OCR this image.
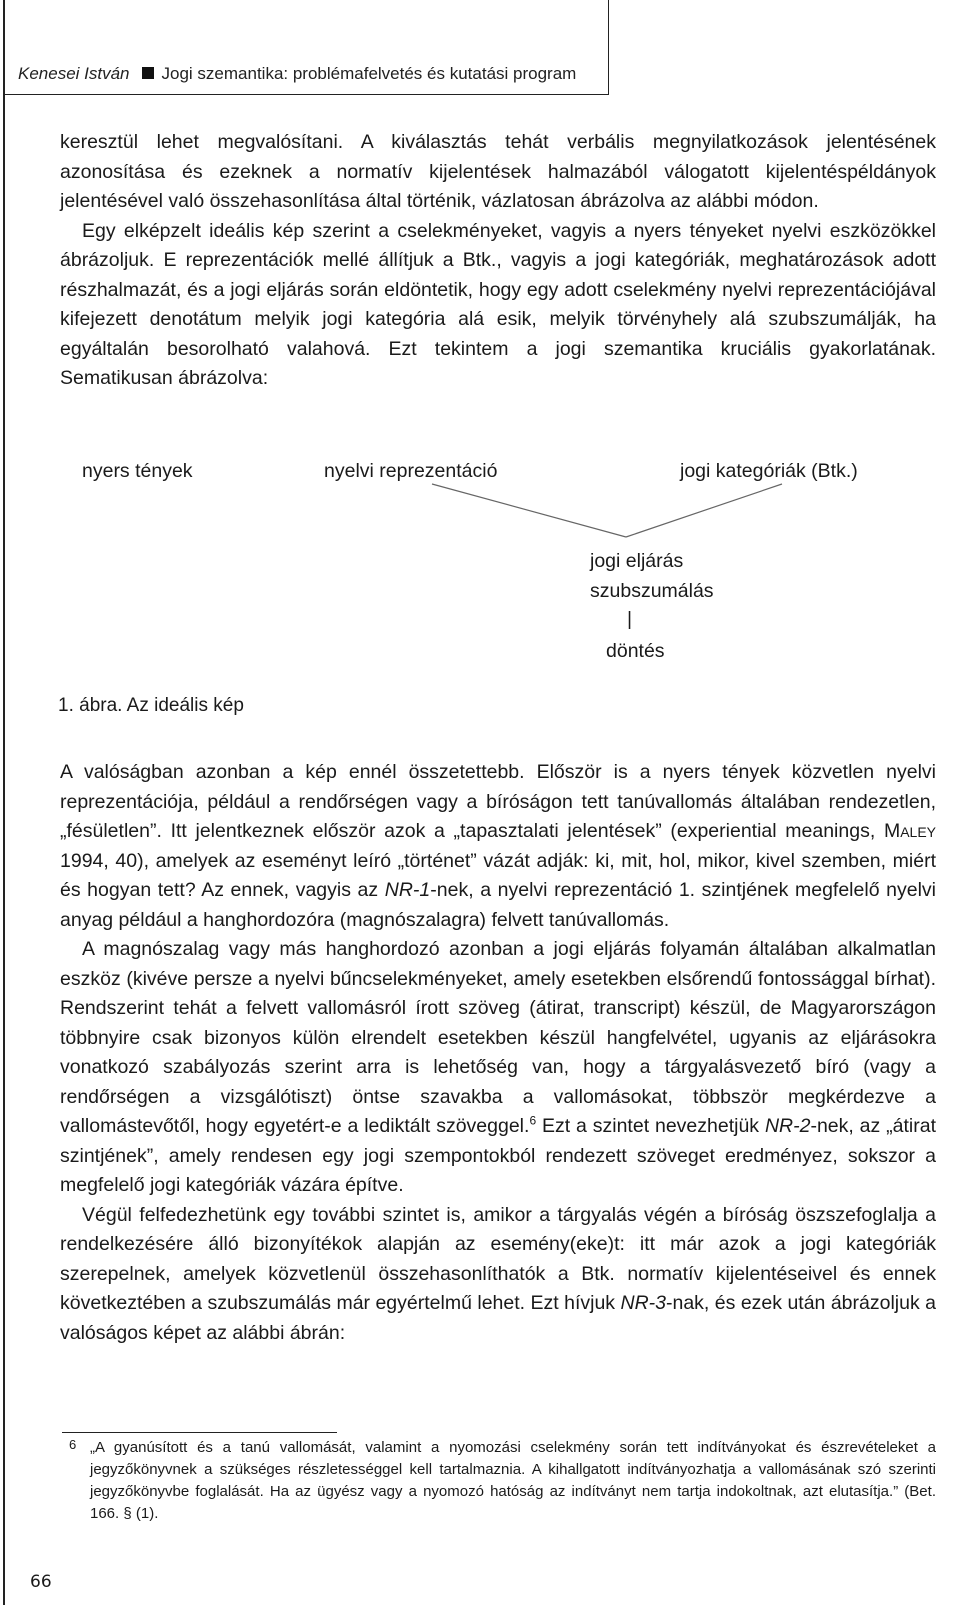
Kenesei István Jogi szemantika: problémafelvetés és kutatási program

keresztül lehet megvalósítani. A kiválasztás tehát verbális megnyilatkozások jelentésének azonosítása és ezeknek a normatív kijelentések halmazából válogatott kijelentéspéldányok jelentésével való összehasonlítása által történik, vázlatosan ábrázolva az alábbi módon.

Egy elképzelt ideális kép szerint a cselekményeket, vagyis a nyers tényeket nyelvi eszközökkel ábrázoljuk. E reprezentációk mellé állítjuk a Btk., vagyis a jogi kategóriák, meghatározások adott részhalmazát, és a jogi eljárás során eldöntetik, hogy egy adott cselekmény nyelvi reprezentációjával kifejezett denotátum melyik jogi kategória alá esik, melyik törvényhely alá szubszumálják, ha egyáltalán besorolható valahová. Ezt tekintem a jogi szemantika kruciális gyakorlatának. Sematikusan ábrázolva:

nyers tények	nyelvi reprezentáció	jogi kategóriák (Btk.)
jogi eljárás
szubszumálás
|
döntés
1. ábra. Az ideális kép

A valóságban azonban a kép ennél összetettebb. Először is a nyers tények közvetlen nyelvi reprezentációja, például a rendőrségen vagy a bíróságon tett tanúvallomás általában rendezetlen, „fésületlen”. Itt jelentkeznek először azok a „tapasztalati jelentések” (experiential meanings, Maley 1994, 40), amelyek az eseményt leíró „történet” vázát adják: ki, mit, hol, mikor, kivel szemben, miért és hogyan tett? Az ennek, vagyis az NR-1-nek, a nyelvi reprezentáció 1. szintjének megfelelő nyelvi anyag például a hanghordozóra (magnószalagra) felvett tanúvallomás.

A magnószalag vagy más hanghordozó azonban a jogi eljárás folyamán általában alkalmatlan eszköz (kivéve persze a nyelvi bűncselekményeket, amely esetekben elsőrendű fontossággal bírhat). Rendszerint tehát a felvett vallomásról írott szöveg (átirat, transcript) készül, de Magyarországon többnyire csak bizonyos külön elrendelt esetekben készül hangfelvétel, ugyanis az eljárásokra vonatkozó szabályozás szerint arra is lehetőség van, hogy a tárgyalásvezető bíró (vagy a rendőrségen a vizsgálótiszt) öntse szavakba a vallomásokat, többször megkérdezve a vallomástevőtől, hogy egyetért-e a lediktált szöveggel.$^6$ Ezt a szintet nevezhetjük NR-2-nek, az „átirat szintjének”, amely rendesen egy jogi szempontokból rendezett szöveget eredményez, sokszor a megfelelő jogi kategóriák vázára építve.

Végül felfedezhetünk egy további szintet is, amikor a tárgyalás végén a bíróság öszszefoglalja a rendelkezésére álló bizonyítékok alapján az esemény(eke)t: itt már azok a jogi kategóriák szerepelnek, amelyek közvetlenül összehasonlíthatók a Btk. normatív kijelentéseivel és ennek következtében a szubszumálás már egyértelmű lehet. Ezt hívjuk NR-3-nak, és ezek után ábrázoljuk a valóságos képet az alábbi ábrán:

6 „A gyanúsított és a tanú vallomását, valamint a nyomozási cselekmény során tett indítványokat és észrevételeket a jegyzőkönyvnek a szükséges részletességgel kell tartalmaznia. A kihallgatott indítványozhatja a vallomásának szó szerinti jegyzőkönyvbe foglalását. Ha az ügyész vagy a nyomozó hatóság az indítványt nem tartja indokoltnak, azt elutasítja.” (Bet. 166. § (1).
66
